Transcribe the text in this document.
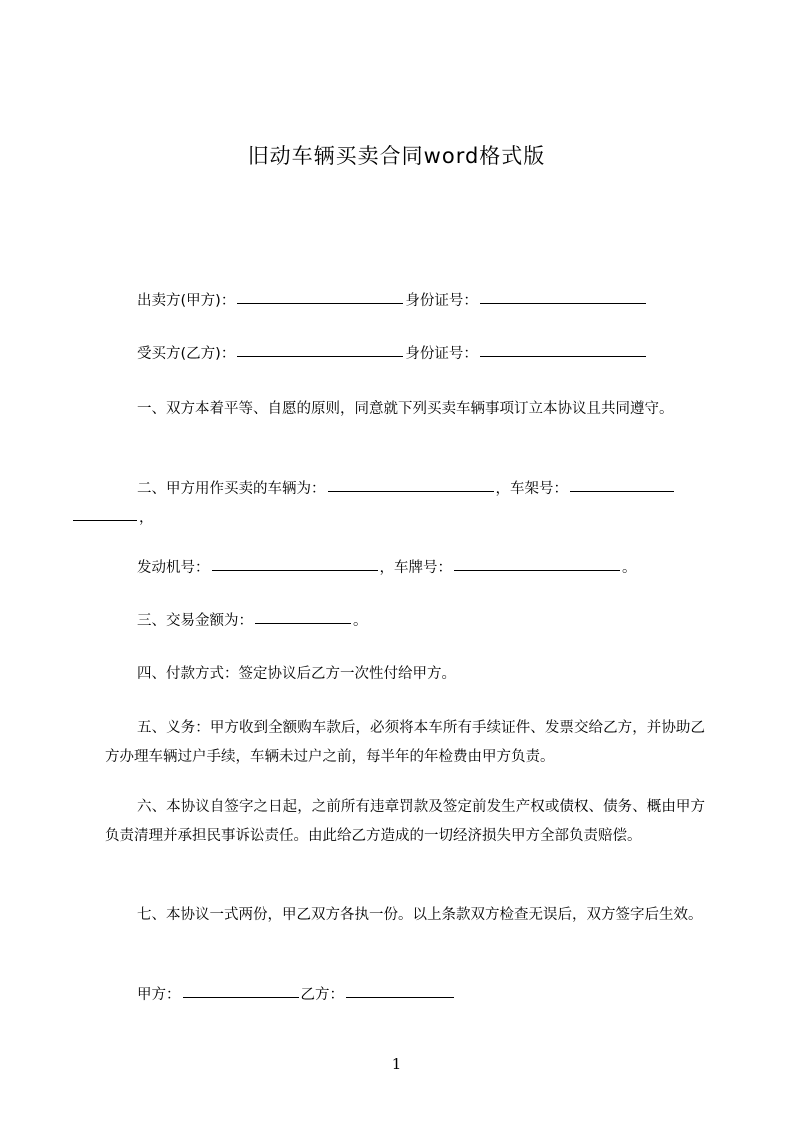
旧动车辆买卖合同word格式版
出卖方(甲方)：	身份证号：
受买方(乙方)：	身份证号：
一、双方本着平等、自愿的原则，同意就下列买卖车辆事项订立本协议且共同遵守。
二、甲方用作买卖的车辆为：	，车架号：
，
发动机号：	，车牌号：	。
三、交易金额为：	。
四、付款方式：签定协议后乙方一次性付给甲方。
五、义务：甲方收到全额购车款后，必须将本车所有手续证件、发票交给乙方，并协助乙方办理车辆过户手续，车辆未过户之前，每半年的年检费由甲方负责。
六、本协议自签字之日起，之前所有违章罚款及签定前发生产权或债权、债务、概由甲方负责清理并承担民事诉讼责任。由此给乙方造成的一切经济损失甲方全部负责赔偿。
七、本协议一式两份，甲乙双方各执一份。以上条款双方检查无误后，双方签字后生效。
甲方：	乙方：
1
